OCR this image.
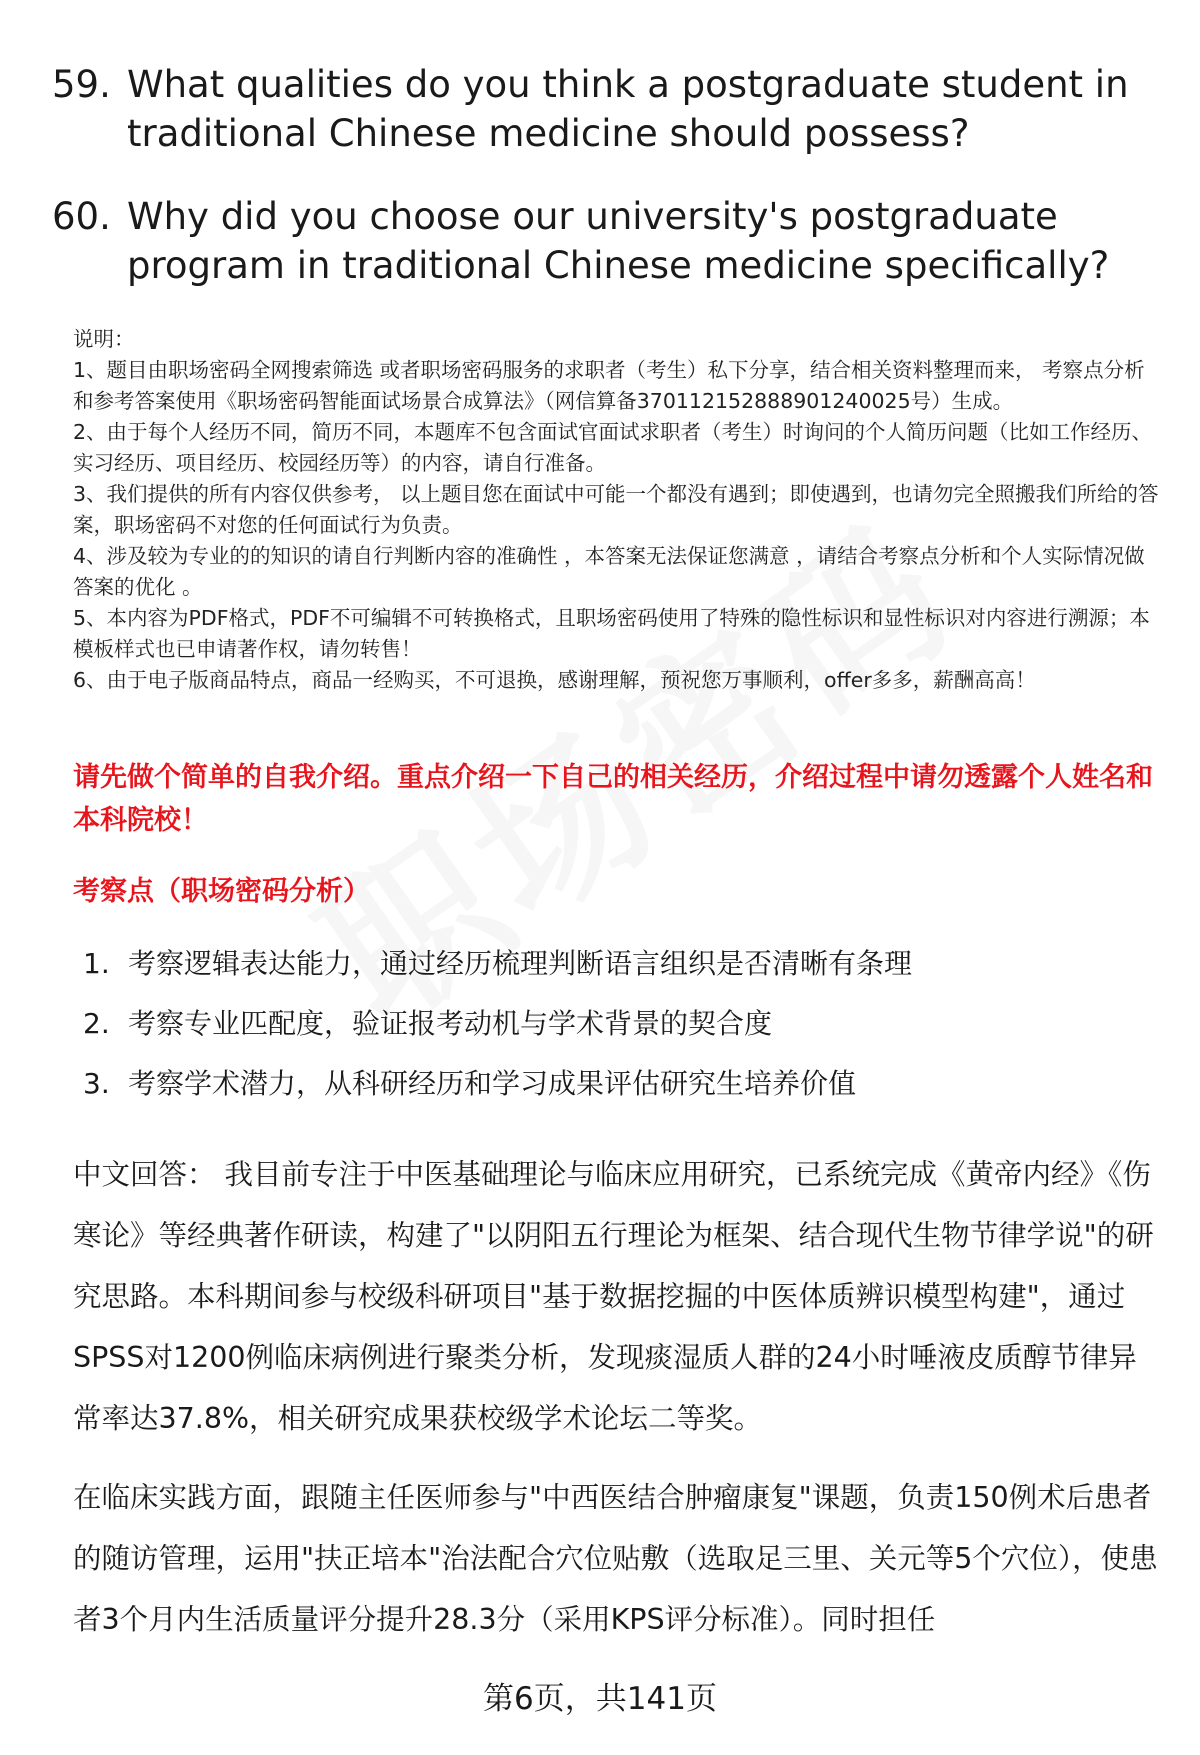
59. What qualities do you think a postgraduate student in traditional Chinese medicine should possess?
60. Why did you choose our university's postgraduate program in traditional Chinese medicine specifically?

说明：

1、题目由职场密码全网搜索筛选 或者职场密码服务的求职者（考生）私下分享，结合相关资料整理而来， 考察点分析和参考答案使用《职场密码智能面试场景合成算法》（网信算备370112152888901240025号）生成。

2、由于每个人经历不同，简历不同，本题库不包含面试官面试求职者（考生）时询问的个人简历问题（比如工作经历、实习经历、项目经历、校园经历等）的内容，请自行准备。

3、我们提供的所有内容仅供参考， 以上题目您在面试中可能一个都没有遇到；即使遇到，也请勿完全照搬我们所给的答案，职场密码不对您的任何面试行为负责。

4、涉及较为专业的的知识的请自行判断内容的准确性 ，本答案无法保证您满意 ，请结合考察点分析和个人实际情况做答案的优化 。

5、本内容为PDF格式，PDF不可编辑不可转换格式，且职场密码使用了特殊的隐性标识和显性标识对内容进行溯源；本模板样式也已申请著作权，请勿转售！

6、由于电子版商品特点，商品一经购买，不可退换，感谢理解，预祝您万事顺利，offer多多，薪酬高高！

请先做个简单的自我介绍。重点介绍一下自己的相关经历，介绍过程中请勿透露个人姓名和本科院校！
考察点（职场密码分析）
1. 考察逻辑表达能力，通过经历梳理判断语言组织是否清晰有条理
2. 考察专业匹配度，验证报考动机与学术背景的契合度
3. 考察学术潜力，从科研经历和学习成果评估研究生培养价值

中文回答： 我目前专注于中医基础理论与临床应用研究，已系统完成《黄帝内经》《伤寒论》等经典著作研读，构建了"以阴阳五行理论为框架、结合现代生物节律学说"的研究思路。本科期间参与校级科研项目"基于数据挖掘的中医体质辨识模型构建"，通过SPSS对1200例临床病例进行聚类分析，发现痰湿质人群的24小时唾液皮质醇节律异常率达37.8%，相关研究成果获校级学术论坛二等奖。

在临床实践方面，跟随主任医师参与"中西医结合肿瘤康复"课题，负责150例术后患者的随访管理，运用"扶正培本"治法配合穴位贴敷（选取足三里、关元等5个穴位），使患者3个月内生活质量评分提升28.3分（采用KPS评分标准）。同时担任

第6页，共141页
